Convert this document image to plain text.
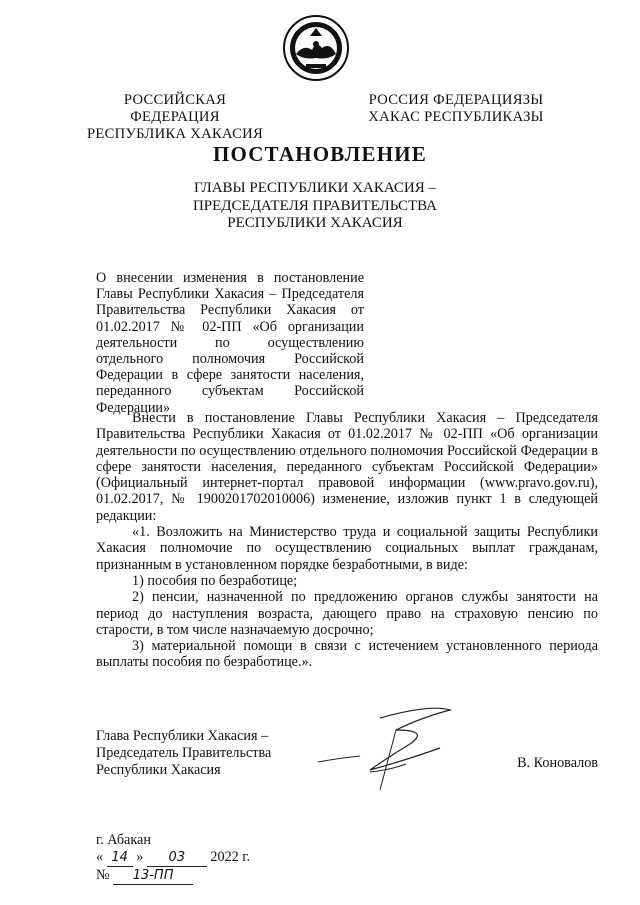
РОССИЙСКАЯ ФЕДЕРАЦИЯ
РЕСПУБЛИКА ХАКАСИЯ
РОССИЯ ФЕДЕРАЦИЯЗЫ
ХАКАС РЕСПУБЛИКАЗЫ
ПОСТАНОВЛЕНИЕ
ГЛАВЫ РЕСПУБЛИКИ ХАКАСИЯ –
ПРЕДСЕДАТЕЛЯ ПРАВИТЕЛЬСТВА
РЕСПУБЛИКИ ХАКАСИЯ
О внесении изменения в постановление Главы Республики Хакасия – Председателя Правительства Республики Хакасия от 01.02.2017 № 02-ПП «Об организации деятельности по осуществлению отдельного полномочия Российской Федерации в сфере занятости населения, переданного субъектам Российской Федерации»

Внести в постановление Главы Республики Хакасия – Председателя Правительства Республики Хакасия от 01.02.2017 № 02-ПП «Об организации деятельности по осуществлению отдельного полномочия Российской Федерации в сфере занятости населения, переданного субъектам Российской Федерации» (Официальный интернет-портал правовой информации (www.pravo.gov.ru), 01.02.2017, № 1900201702010006) изменение, изложив пункт 1 в следующей редакции:

«1. Возложить на Министерство труда и социальной защиты Республики Хакасия полномочие по осуществлению социальных выплат гражданам, признанным в установленном порядке безработными, в виде:

1) пособия по безработице;

2) пенсии, назначенной по предложению органов службы занятости на период до наступления возраста, дающего право на страховую пенсию по старости, в том числе назначаемую досрочно;

3) материальной помощи в связи с истечением установленного периода выплаты пособия по безработице.».

Глава Республики Хакасия –
Председатель Правительства
Республики Хакасия	В. Коновалов
г. Абакан
« 14 » 03 2022 г.
№ 13-ПП
